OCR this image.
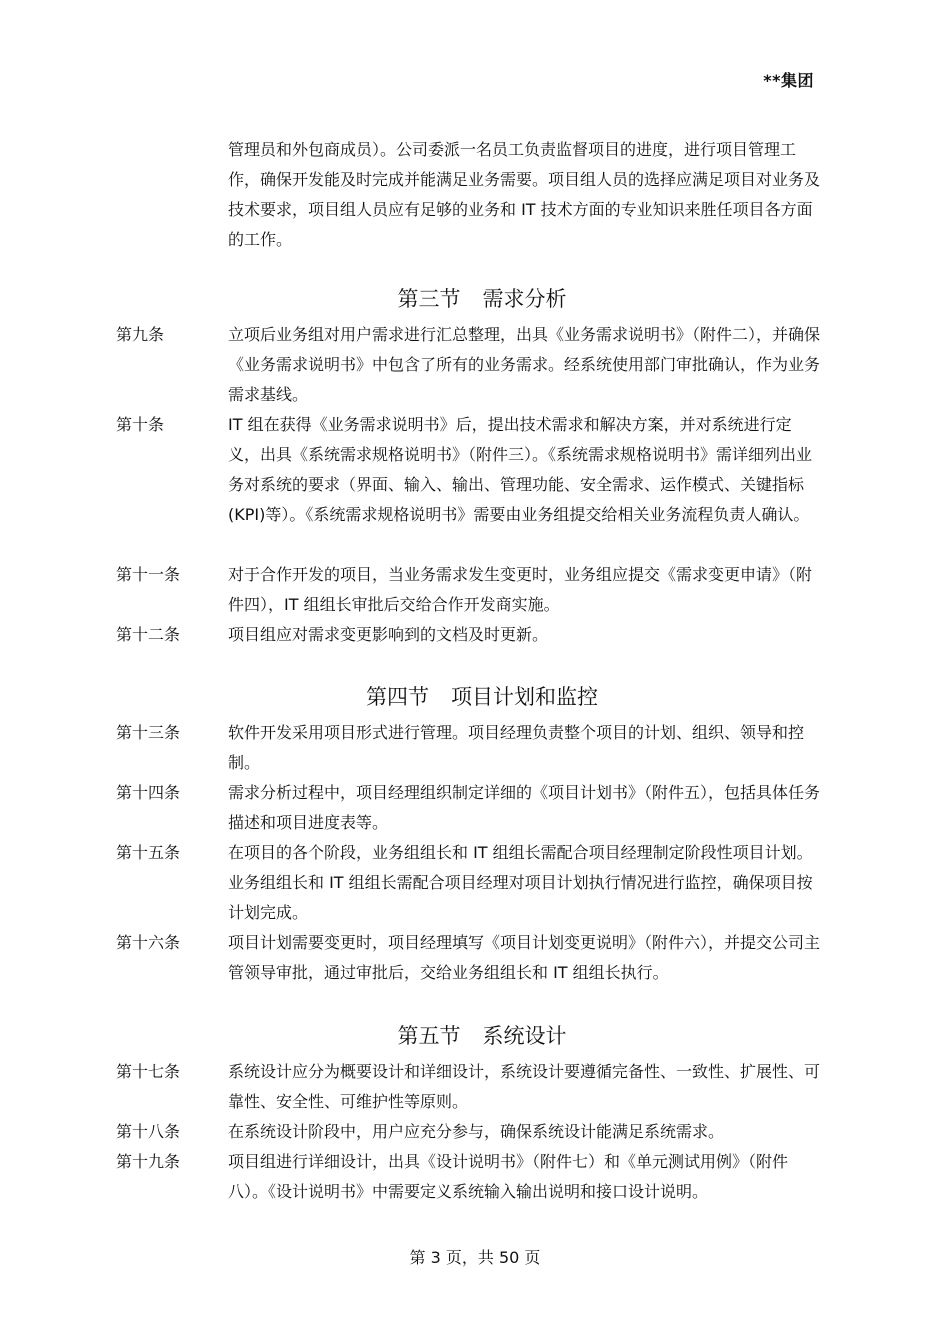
**集团
管理员和外包商成员）。公司委派一名员工负责监督项目的进度，进行项目管理工作，确保开发能及时完成并能满足业务需要。项目组人员的选择应满足项目对业务及技术要求，项目组人员应有足够的业务和 IT 技术方面的专业知识来胜任项目各方面的工作。
第三节 需求分析
第九条	立项后业务组对用户需求进行汇总整理，出具《业务需求说明书》（附件二），并确保《业务需求说明书》中包含了所有的业务需求。经系统使用部门审批确认，作为业务需求基线。
第十条	IT 组在获得《业务需求说明书》后，提出技术需求和解决方案，并对系统进行定义，出具《系统需求规格说明书》（附件三）。《系统需求规格说明书》需详细列出业务对系统的要求（界面、输入、输出、管理功能、安全需求、运作模式、关键指标(KPI)等）。《系统需求规格说明书》需要由业务组提交给相关业务流程负责人确认。
第十一条	对于合作开发的项目，当业务需求发生变更时，业务组应提交《需求变更申请》（附件四），IT 组组长审批后交给合作开发商实施。
第十二条	项目组应对需求变更影响到的文档及时更新。
第四节 项目计划和监控
第十三条	软件开发采用项目形式进行管理。项目经理负责整个项目的计划、组织、领导和控制。
第十四条	需求分析过程中，项目经理组织制定详细的《项目计划书》（附件五），包括具体任务描述和项目进度表等。
第十五条	在项目的各个阶段，业务组组长和 IT 组组长需配合项目经理制定阶段性项目计划。业务组组长和 IT 组组长需配合项目经理对项目计划执行情况进行监控，确保项目按计划完成。
第十六条	项目计划需要变更时，项目经理填写《项目计划变更说明》（附件六），并提交公司主管领导审批，通过审批后，交给业务组组长和 IT 组组长执行。
第五节 系统设计
第十七条	系统设计应分为概要设计和详细设计，系统设计要遵循完备性、一致性、扩展性、可靠性、安全性、可维护性等原则。
第十八条	在系统设计阶段中，用户应充分参与，确保系统设计能满足系统需求。
第十九条	项目组进行详细设计，出具《设计说明书》（附件七）和《单元测试用例》（附件八）。《设计说明书》中需要定义系统输入输出说明和接口设计说明。
第 3 页，共 50 页
